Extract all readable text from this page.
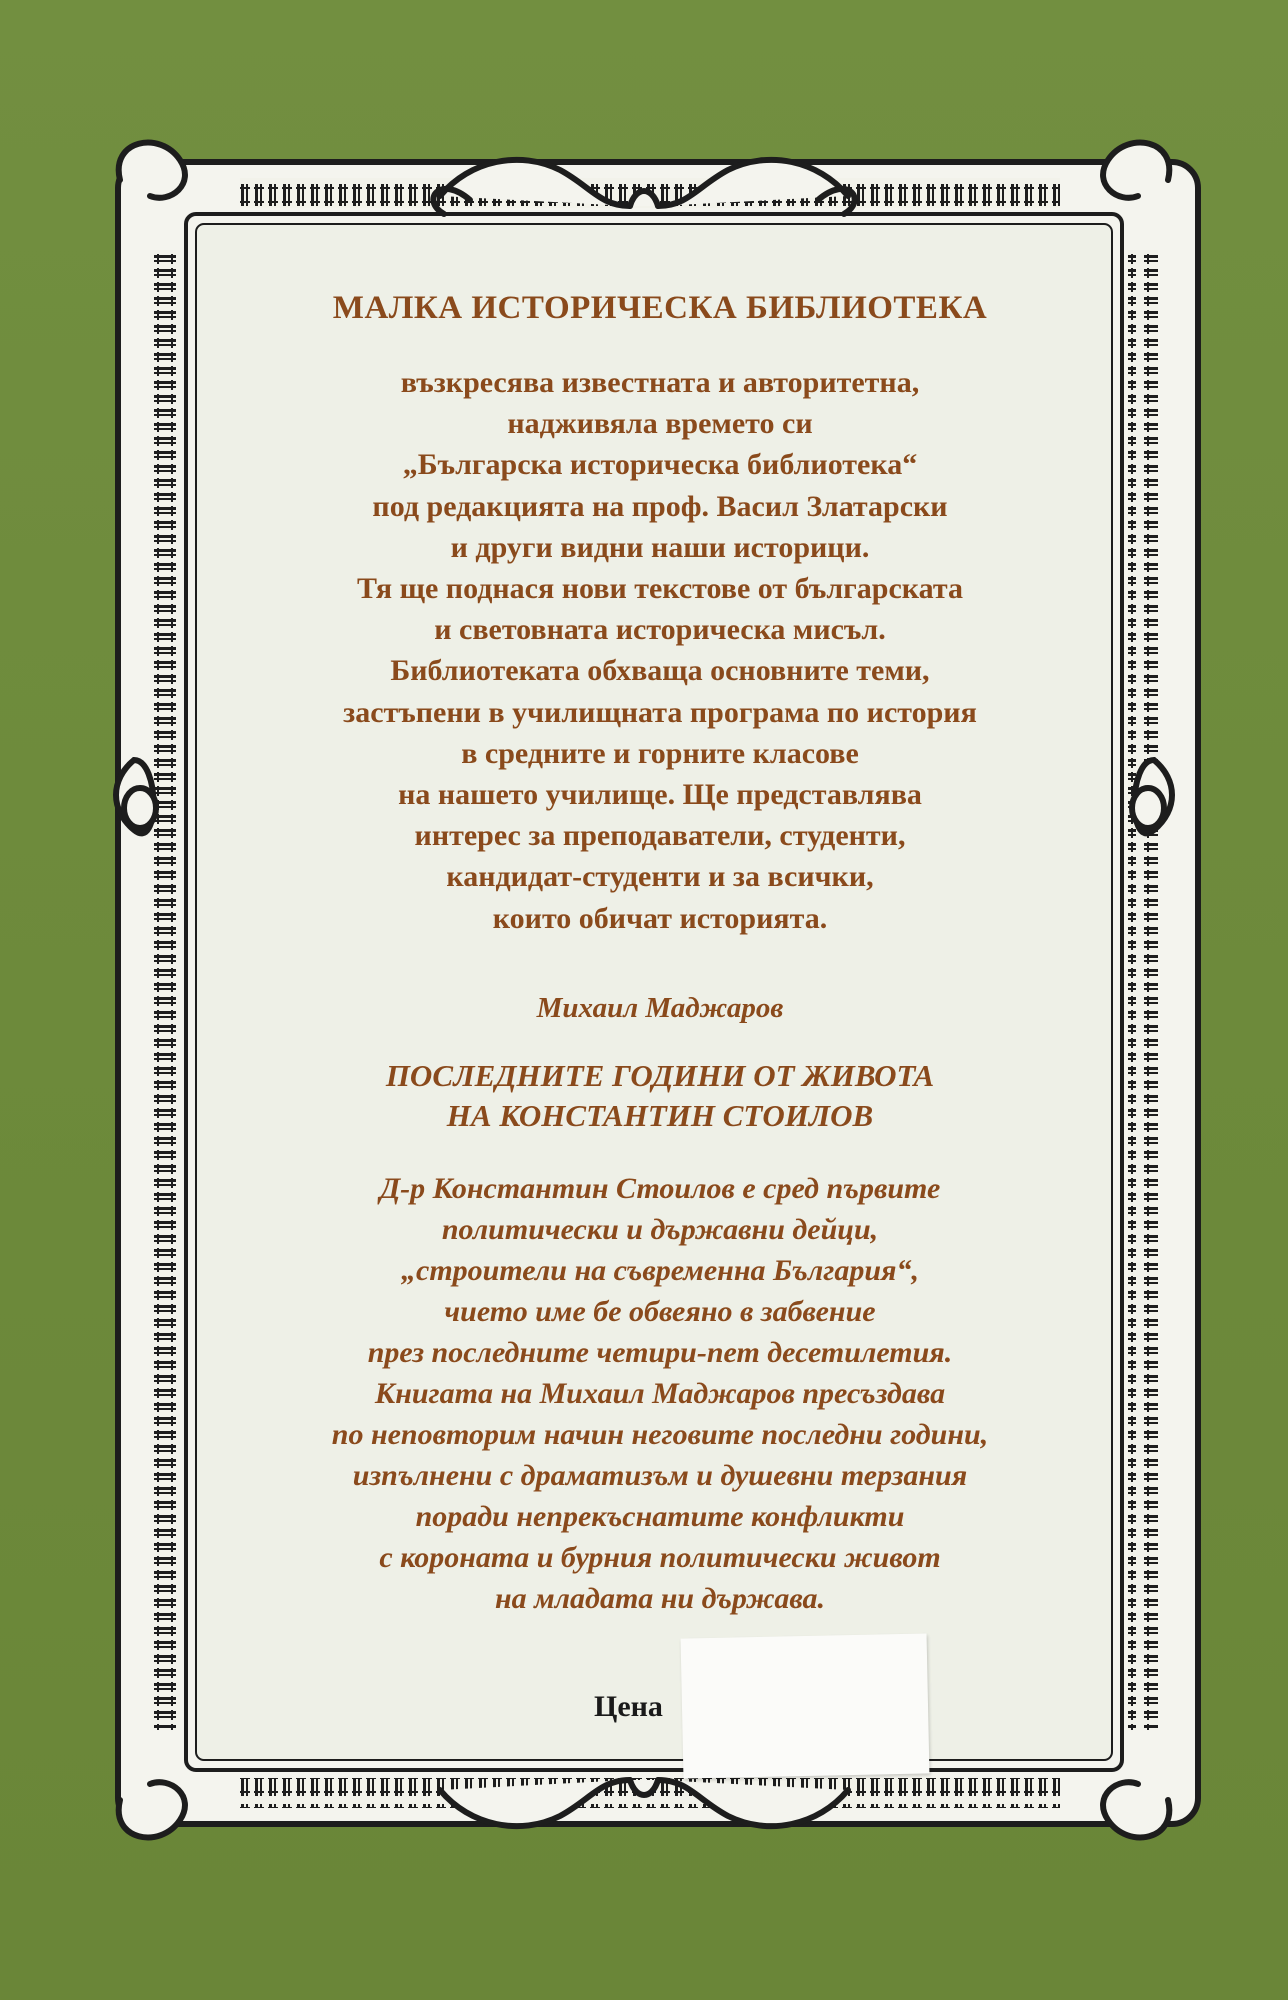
МАЛКА ИСТОРИЧЕСКА БИБЛИОТЕКА
възкресява известната и авторитетна,
надживяла времето си
„Българска историческа библиотека“
под редакцията на проф. Васил Златарски
и други видни наши историци.
Тя ще поднася нови текстове от българската
и световната историческа мисъл.
Библиотеката обхваща основните теми,
застъпени в училищната програма по история
в средните и горните класове
на нашето училище. Ще представлява
интерес за преподаватели, студенти,
кандидат-студенти и за всички,
които обичат историята.
Михаил Маджаров
ПОСЛЕДНИТЕ ГОДИНИ ОТ ЖИВОТА
НА КОНСТАНТИН СТОИЛОВ
Д-р Константин Стоилов е сред първите
политически и държавни дейци,
„строители на съвременна България“,
чието име бе обвеяно в забвение
през последните четири-пет десетилетия.
Книгата на Михаил Маджаров пресъздава
по неповторим начин неговите последни години,
изпълнени с драматизъм и душевни терзания
поради непрекъснатите конфликти
с короната и бурния политически живот
на младата ни държава.
Цена
